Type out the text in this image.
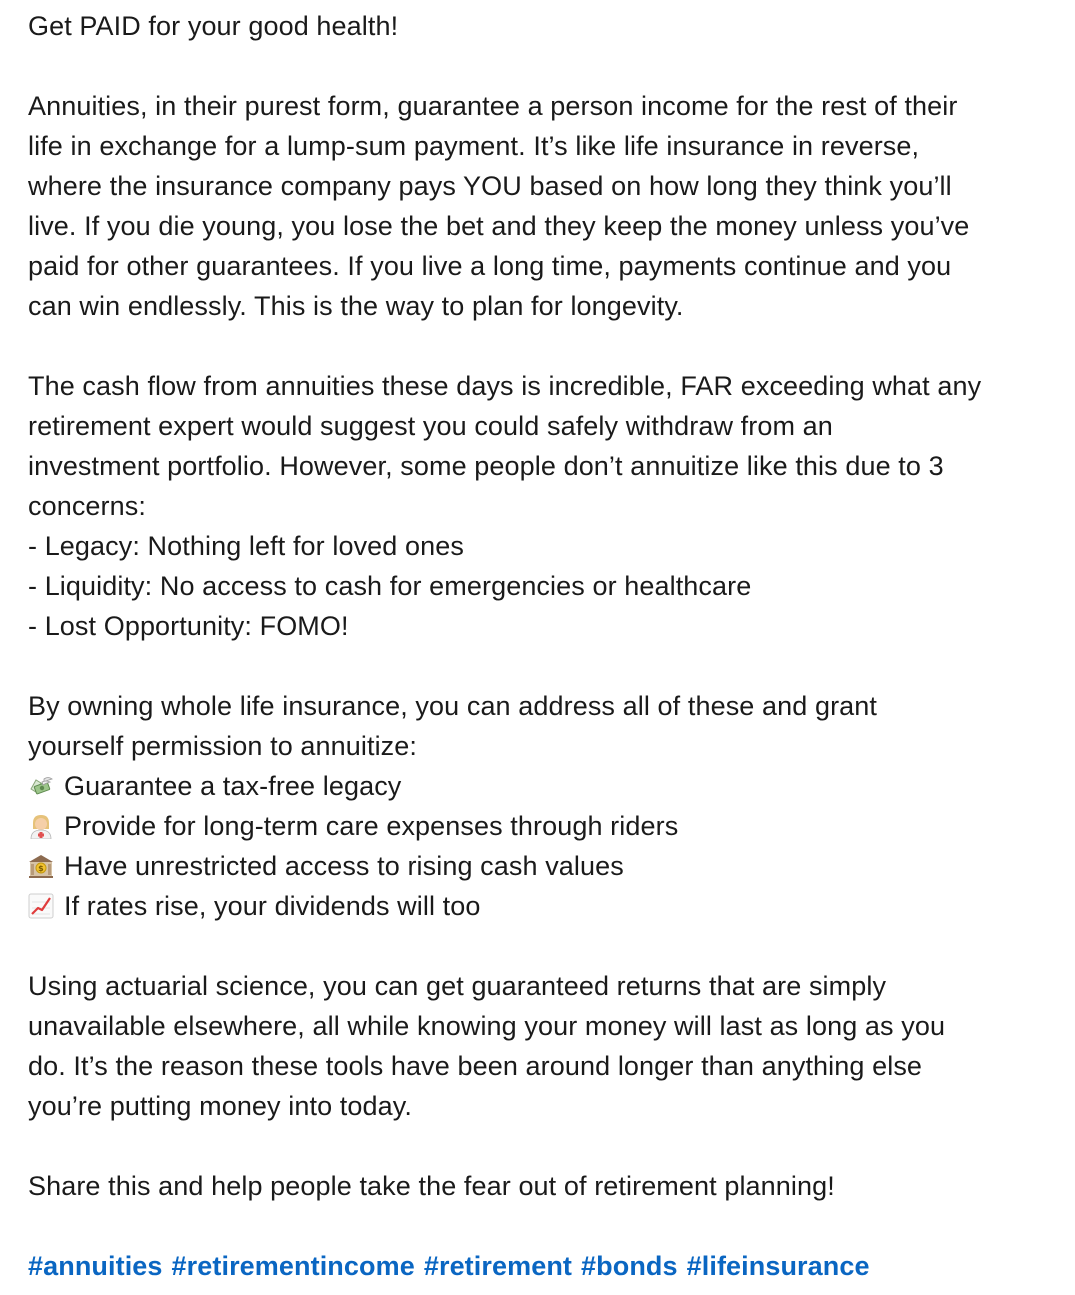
Get PAID for your good health!
Annuities, in their purest form, guarantee a person income for the rest of their
life in exchange for a lump-sum payment. It’s like life insurance in reverse,
where the insurance company pays YOU based on how long they think you’ll
live. If you die young, you lose the bet and they keep the money unless you’ve
paid for other guarantees. If you live a long time, payments continue and you
can win endlessly. This is the way to plan for longevity.
The cash flow from annuities these days is incredible, FAR exceeding what any
retirement expert would suggest you could safely withdraw from an
investment portfolio. However, some people don’t annuitize like this due to 3
concerns:
- Legacy: Nothing left for loved ones
- Liquidity: No access to cash for emergencies or healthcare
- Lost Opportunity: FOMO!
By owning whole life insurance, you can address all of these and grant
yourself permission to annuitize:
Guarantee a tax-free legacy
Provide for long-term care expenses through riders
$ Have unrestricted access to rising cash values
If rates rise, your dividends will too
Using actuarial science, you can get guaranteed returns that are simply
unavailable elsewhere, all while knowing your money will last as long as you
do. It’s the reason these tools have been around longer than anything else
you’re putting money into today.
Share this and help people take the fear out of retirement planning!
#annuities #retirementincome #retirement #bonds #lifeinsurance
